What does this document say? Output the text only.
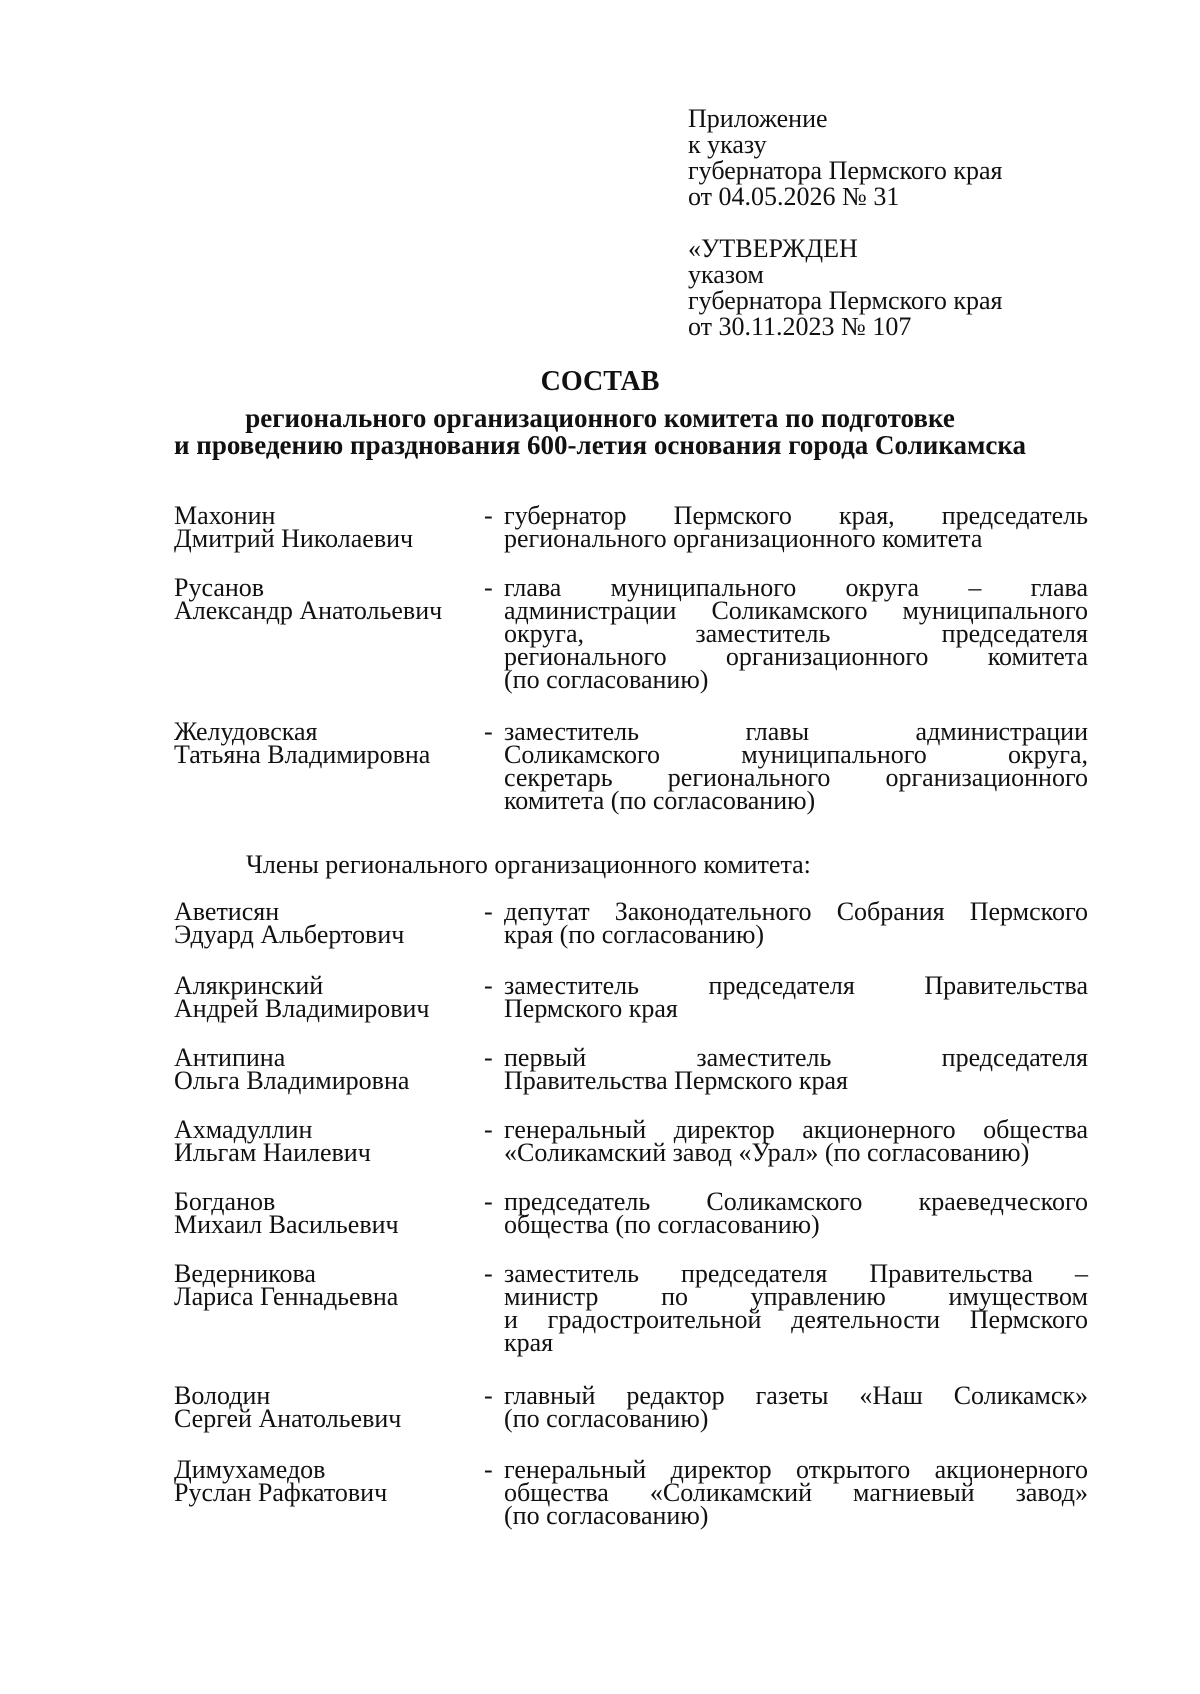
Приложение
к указу
губернатора Пермского края
от 04.05.2026 № 31
«УТВЕРЖДЕН
указом
губернатора Пермского края
от 30.11.2023 № 107
СОСТАВ
регионального организационного комитета по подготовке
и проведению празднования 600-летия основания города Соликамска
Махонин
Дмитрий Николаевич
- губернатор Пермского края, председатель
регионального организационного комитета
Русанов
Александр Анатольевич
- глава муниципального округа – глава
администрации Соликамского муниципального
округа, заместитель председателя
регионального организационного комитета
(по согласованию)
Желудовская
Татьяна Владимировна
- заместитель главы администрации
Соликамского муниципального округа,
секретарь регионального организационного
комитета (по согласованию)
Члены регионального организационного комитета:
Аветисян
Эдуард Альбертович
- депутат Законодательного Собрания Пермского
края (по согласованию)
Алякринский
Андрей Владимирович
- заместитель председателя Правительства
Пермского края
Антипина
Ольга Владимировна
- первый заместитель председателя
Правительства Пермского края
Ахмадуллин
Ильгам Наилевич
- генеральный директор акционерного общества
«Соликамский завод «Урал» (по согласованию)
Богданов
Михаил Васильевич
- председатель Соликамского краеведческого
общества (по согласованию)
Ведерникова
Лариса Геннадьевна
- заместитель председателя Правительства –
министр по управлению имуществом
и градостроительной деятельности Пермского
края
Володин
Сергей Анатольевич
- главный редактор газеты «Наш Соликамск»
(по согласованию)
Димухамедов
Руслан Рафкатович
- генеральный директор открытого акционерного
общества «Соликамский магниевый завод»
(по согласованию)
